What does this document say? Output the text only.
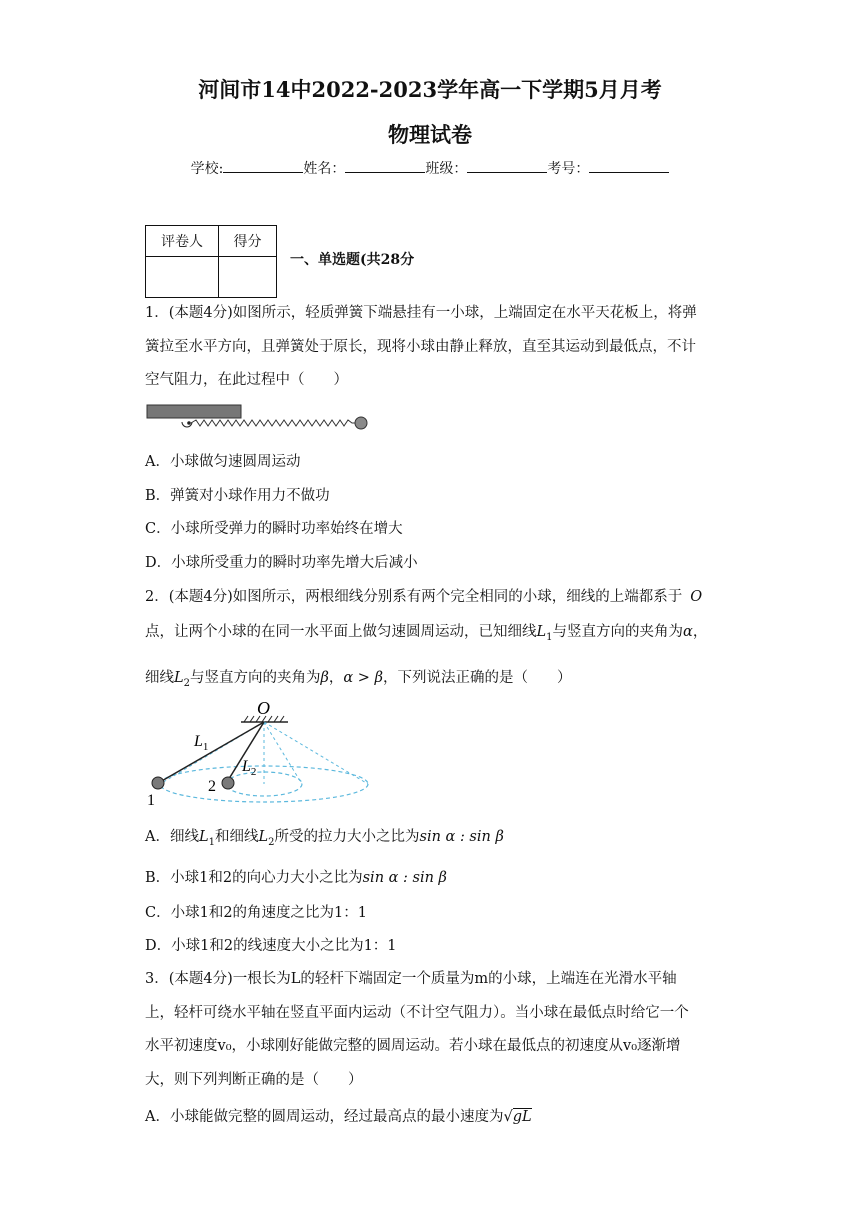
河间市14中2022-2023学年高一下学期5月月考
物理试卷
学校:	姓名：	班级：	考号：
评卷人	得分

一、单选题(共28分
1．(本题4分)如图所示，轻质弹簧下端悬挂有一小球，上端固定在水平天花板上，将弹
簧拉至水平方向，且弹簧处于原长，现将小球由静止释放，直至其运动到最低点，不计
空气阻力，在此过程中（　　）
A．小球做匀速圆周运动
B．弹簧对小球作用力不做功
C．小球所受弹力的瞬时功率始终在增大
D．小球所受重力的瞬时功率先增大后减小
2．(本题4分)如图所示，两根细线分别系有两个完全相同的小球，细线的上端都系于 O
点，让两个小球的在同一水平面上做匀速圆周运动，已知细线$L_1$与竖直方向的夹角为α，
细线$L_2$与竖直方向的夹角为β，α > β，下列说法正确的是（　　）
O
$L_1$
$L_2$
1
2
A．细线$L_1$和细线$L_2$所受的拉力大小之比为sin α : sin β
B．小球1和2的向心力大小之比为sin α : sin β
C．小球1和2的角速度之比为1：1
D．小球1和2的线速度大小之比为1：1
3．(本题4分)一根长为L的轻杆下端固定一个质量为m的小球，上端连在光滑水平轴
上，轻杆可绕水平轴在竖直平面内运动（不计空气阻力）。当小球在最低点时给它一个
水平初速度v₀，小球刚好能做完整的圆周运动。若小球在最低点的初速度从v₀逐渐增
大，则下列判断正确的是（　　）
A．小球能做完整的圆周运动，经过最高点的最小速度为√gL
